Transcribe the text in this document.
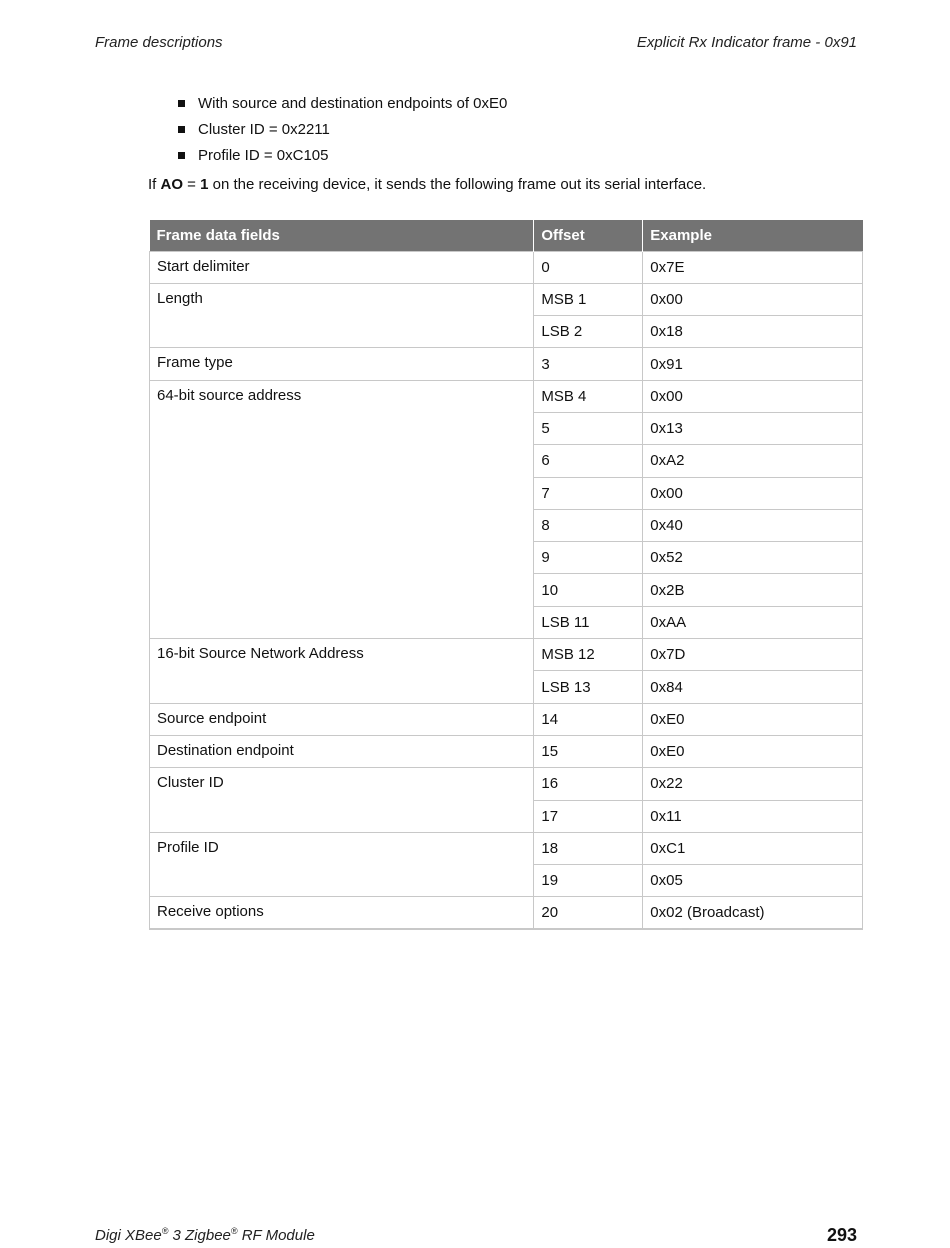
Frame descriptions	Explicit Rx Indicator frame - 0x91
With source and destination endpoints of 0xE0
Cluster ID = 0x2211
Profile ID = 0xC105

If AO = 1 on the receiving device, it sends the following frame out its serial interface.

Frame data fields	Offset	Example
Start delimiter	0	0x7E
Length	MSB 1	0x00
	LSB 2	0x18
Frame type	3	0x91
64-bit source address	MSB 4	0x00
	5	0x13
	6	0xA2
	7	0x00
	8	0x40
	9	0x52
	10	0x2B
	LSB 11	0xAA
16-bit Source Network Address	MSB 12	0x7D
	LSB 13	0x84
Source endpoint	14	0xE0
Destination endpoint	15	0xE0
Cluster ID	16	0x22
	17	0x11
Profile ID	18	0xC1
	19	0x05
Receive options	20	0x02 (Broadcast)
Digi XBee® 3 Zigbee® RF Module	293
